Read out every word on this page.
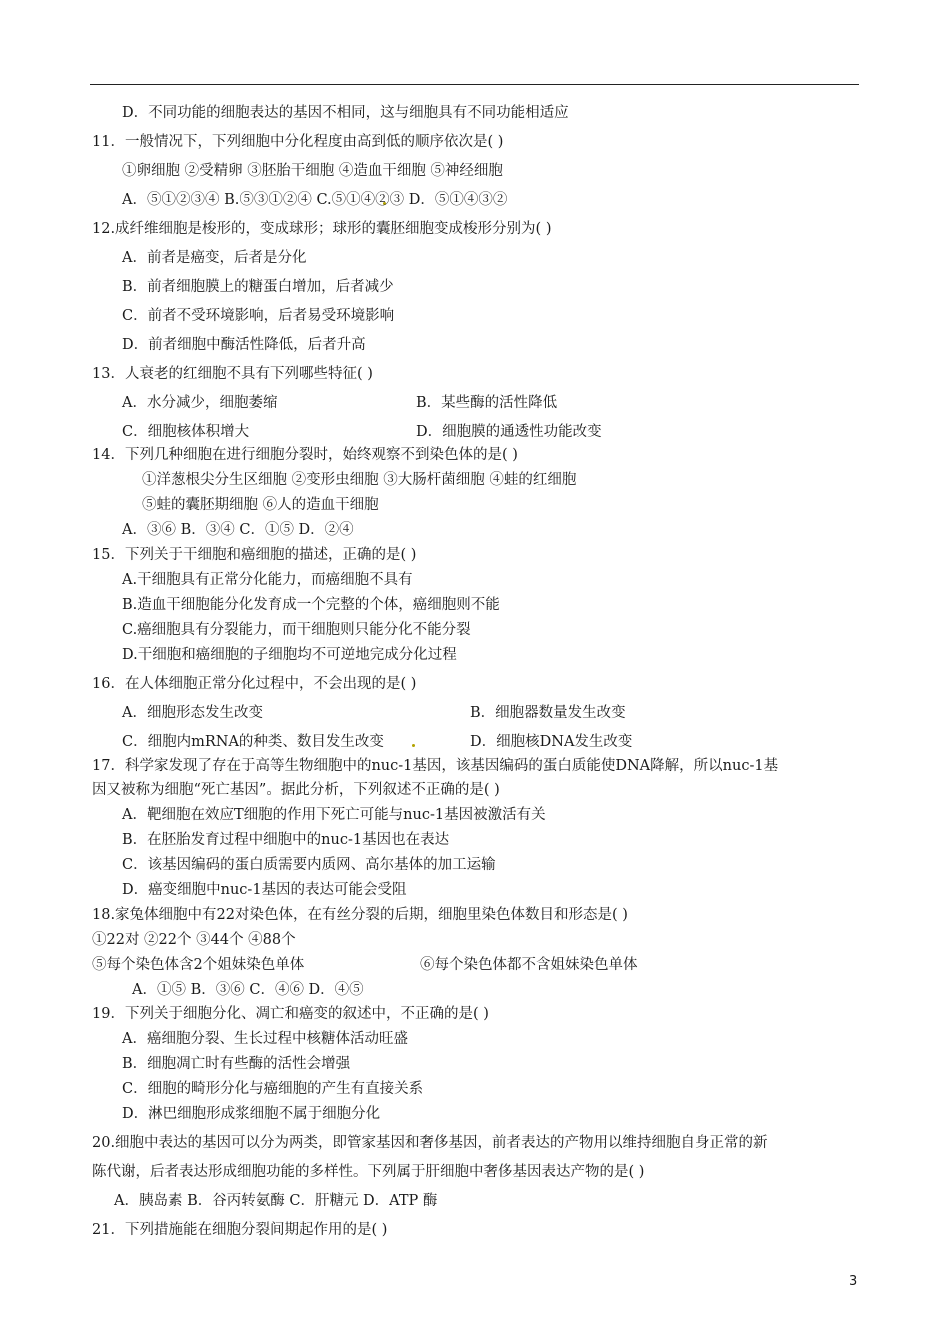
3
D．不同功能的细胞表达的基因不相同，这与细胞具有不同功能相适应
11．一般情况下，下列细胞中分化程度由高到低的顺序依次是( )
①卵细胞 ②受精卵 ③胚胎干细胞 ④造血干细胞 ⑤神经细胞
A．⑤①②③④ B.⑤③①②④ C.⑤①④②③ D．⑤①④③②
12.成纤维细胞是梭形的，变成球形；球形的囊胚细胞变成梭形分别为( )
A．前者是癌变，后者是分化
B．前者细胞膜上的糖蛋白增加，后者减少
C．前者不受环境影响，后者易受环境影响
D．前者细胞中酶活性降低，后者升高
13．人衰老的红细胞不具有下列哪些特征( )
A．水分减少，细胞萎缩	B．某些酶的活性降低
C．细胞核体积增大	D．细胞膜的通透性功能改变
14．下列几种细胞在进行细胞分裂时，始终观察不到染色体的是( )
①洋葱根尖分生区细胞 ②变形虫细胞 ③大肠杆菌细胞 ④蛙的红细胞
⑤蛙的囊胚期细胞 ⑥人的造血干细胞
A．③⑥ B．③④ C．①⑤ D．②④
15．下列关于干细胞和癌细胞的描述，正确的是( )
A.干细胞具有正常分化能力，而癌细胞不具有
B.造血干细胞能分化发育成一个完整的个体，癌细胞则不能
C.癌细胞具有分裂能力，而干细胞则只能分化不能分裂
D.干细胞和癌细胞的子细胞均不可逆地完成分化过程
16．在人体细胞正常分化过程中，不会出现的是( )
A．细胞形态发生改变	B．细胞器数量发生改变
C．细胞内mRNA的种类、数目发生改变	D．细胞核DNA发生改变
17．科学家发现了存在于高等生物细胞中的nuc-1基因，该基因编码的蛋白质能使DNA降解，所以nuc-1基
因又被称为细胞“死亡基因”。据此分析，下列叙述不正确的是( )
A．靶细胞在效应T细胞的作用下死亡可能与nuc-1基因被激活有关
B．在胚胎发育过程中细胞中的nuc-1基因也在表达
C．该基因编码的蛋白质需要内质网、高尔基体的加工运输
D．癌变细胞中nuc-1基因的表达可能会受阻
18.家兔体细胞中有22对染色体，在有丝分裂的后期，细胞里染色体数目和形态是( )
①22对 ②22个 ③44个 ④88个
⑤每个染色体含2个姐妹染色单体	⑥每个染色体都不含姐妹染色单体
A．①⑤ B．③⑥ C．④⑥ D．④⑤
19．下列关于细胞分化、凋亡和癌变的叙述中，不正确的是( )
A．癌细胞分裂、生长过程中核糖体活动旺盛
B．细胞凋亡时有些酶的活性会增强
C．细胞的畸形分化与癌细胞的产生有直接关系
D．淋巴细胞形成浆细胞不属于细胞分化
20.细胞中表达的基因可以分为两类，即管家基因和奢侈基因，前者表达的产物用以维持细胞自身正常的新
陈代谢，后者表达形成细胞功能的多样性。下列属于肝细胞中奢侈基因表达产物的是( )
A．胰岛素 B．谷丙转氨酶 C．肝糖元 D．ATP 酶
21．下列措施能在细胞分裂间期起作用的是( )
